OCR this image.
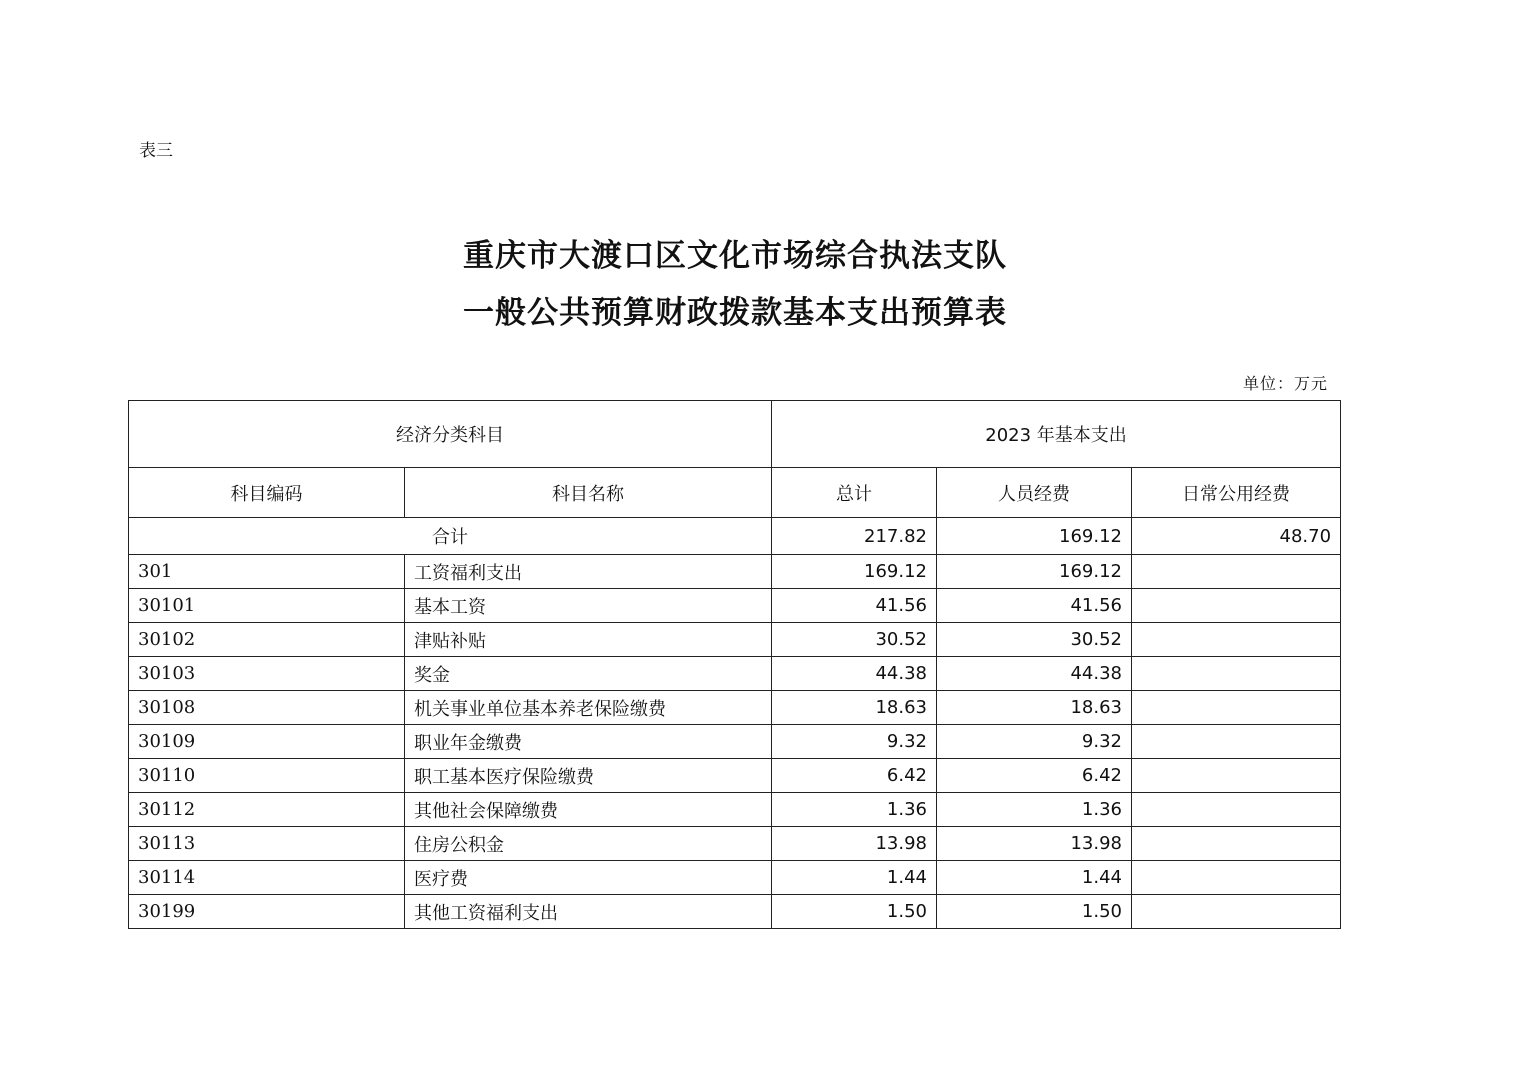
表三
重庆市大渡口区文化市场综合执法支队
一般公共预算财政拨款基本支出预算表
单位：万元
经济分类科目		2023 年基本支出		
科目编码	科目名称	总计	人员经费	日常公用经费
合计		217.82	169.12	48.70
301	工资福利支出	169.12	169.12	
30101	基本工资	41.56	41.56	
30102	津贴补贴	30.52	30.52	
30103	奖金	44.38	44.38	
30108	机关事业单位基本养老保险缴费	18.63	18.63	
30109	职业年金缴费	9.32	9.32	
30110	职工基本医疗保险缴费	6.42	6.42	
30112	其他社会保障缴费	1.36	1.36	
30113	住房公积金	13.98	13.98	
30114	医疗费	1.44	1.44	
30199	其他工资福利支出	1.50	1.50	
